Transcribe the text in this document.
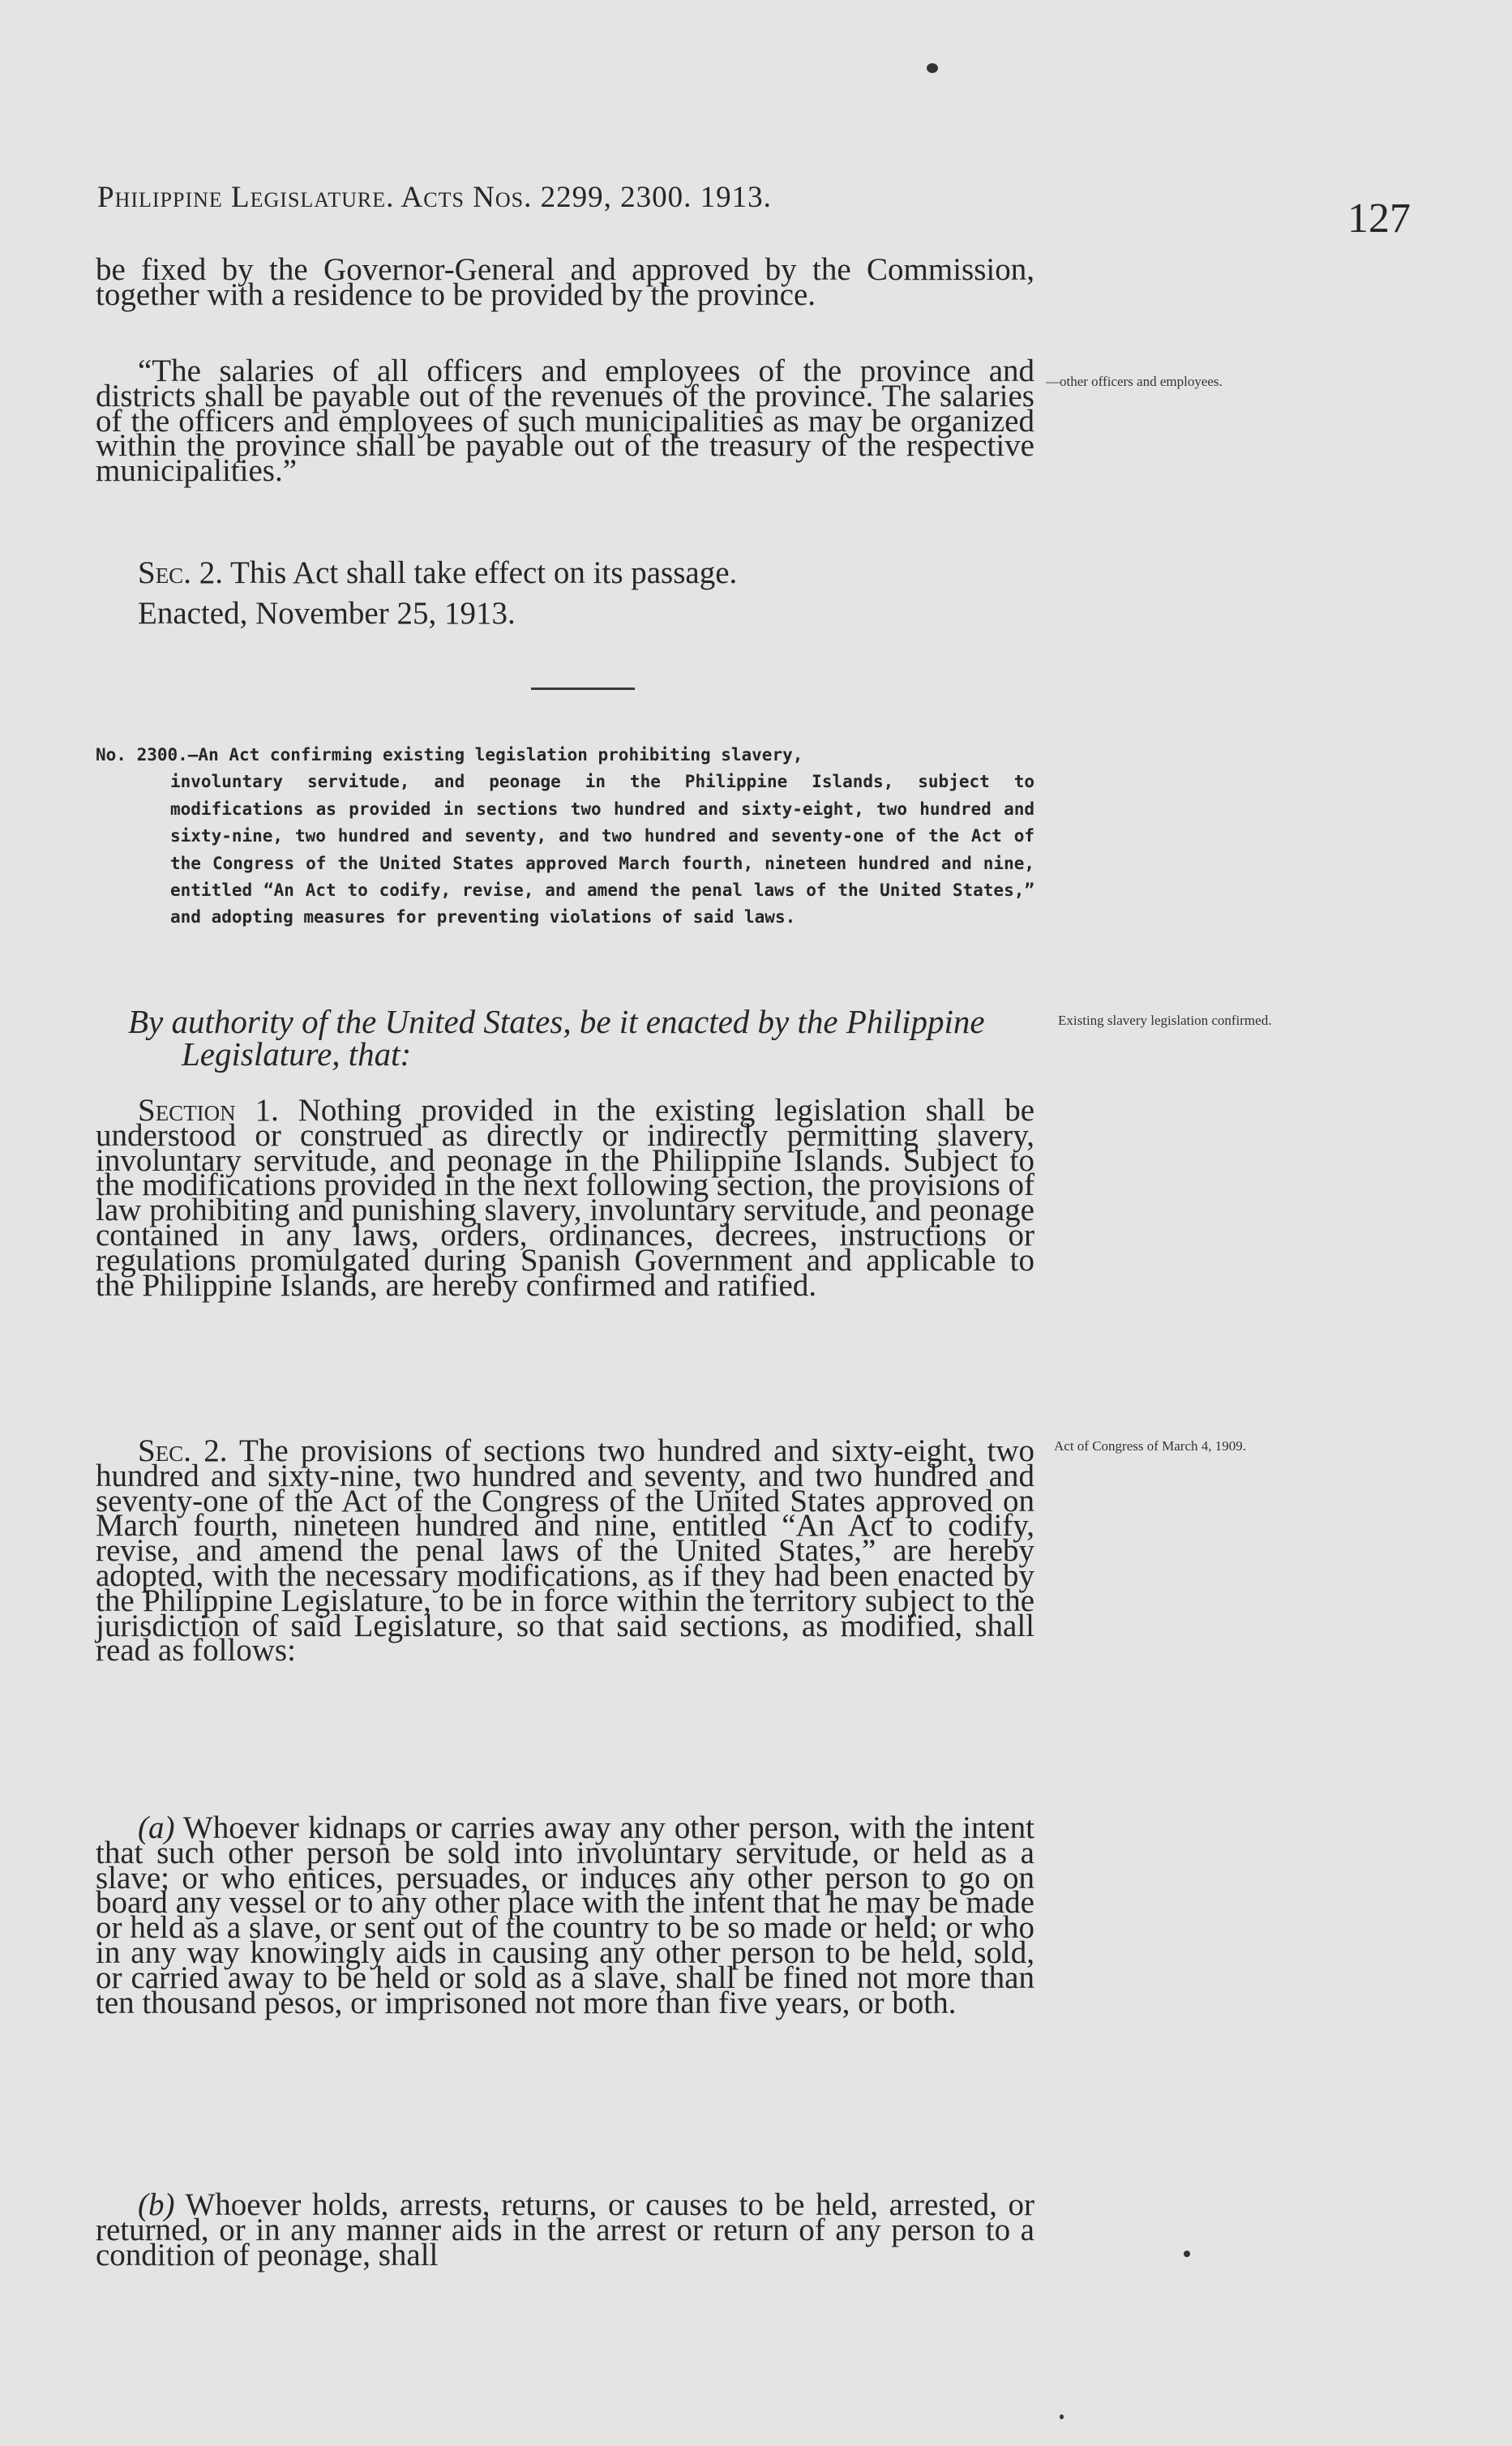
Philippine Legislature. Acts Nos. 2299, 2300. 1913.	127

be fixed by the Governor-General and approved by the Commission, together with a residence to be provided by the province.

“The salaries of all officers and employees of the province and districts shall be payable out of the revenues of the province. The salaries of the officers and employees of such municipalities as may be organized within the province shall be payable out of the treasury of the respective municipalities.”

—other officers and employees.

Sec. 2. This Act shall take effect on its passage.

Enacted, November 25, 1913.

No. 2300.—An Act confirming existing legislation prohibiting slavery,

involuntary servitude, and peonage in the Philippine Islands, subject to modifications as provided in sections two hundred and sixty-eight, two hundred and sixty-nine, two hundred and seventy, and two hundred and seventy-one of the Act of the Congress of the United States approved March fourth, nineteen hundred and nine, entitled “An Act to codify, revise, and amend the penal laws of the United States,” and adopting measures for preventing violations of said laws.

By authority of the United States, be it enacted by the Philippine Legislature, that:

Existing slavery legislation confirmed.

Section 1. Nothing provided in the existing legislation shall be understood or construed as directly or indirectly permitting slavery, involuntary servitude, and peonage in the Philippine Islands. Subject to the modifications provided in the next following section, the provisions of law prohibiting and punishing slavery, involuntary servitude, and peonage contained in any laws, orders, ordinances, decrees, instructions or regulations promulgated during Spanish Government and applicable to the Philippine Islands, are hereby confirmed and ratified.

Sec. 2. The provisions of sections two hundred and sixty-eight, two hundred and sixty-nine, two hundred and seventy, and two hundred and seventy-one of the Act of the Congress of the United States approved on March fourth, nineteen hundred and nine, entitled “An Act to codify, revise, and amend the penal laws of the United States,” are hereby adopted, with the necessary modifications, as if they had been enacted by the Philippine Legislature, to be in force within the territory subject to the jurisdiction of said Legislature, so that said sections, as modified, shall read as follows:

Act of Congress of March 4, 1909.

(a) Whoever kidnaps or carries away any other person, with the intent that such other person be sold into involuntary servitude, or held as a slave; or who entices, persuades, or induces any other person to go on board any vessel or to any other place with the intent that he may be made or held as a slave, or sent out of the country to be so made or held; or who in any way knowingly aids in causing any other person to be held, sold, or carried away to be held or sold as a slave, shall be fined not more than ten thousand pesos, or imprisoned not more than five years, or both.

(b) Whoever holds, arrests, returns, or causes to be held, arrested, or returned, or in any manner aids in the arrest or return of any person to a condition of peonage, shall
